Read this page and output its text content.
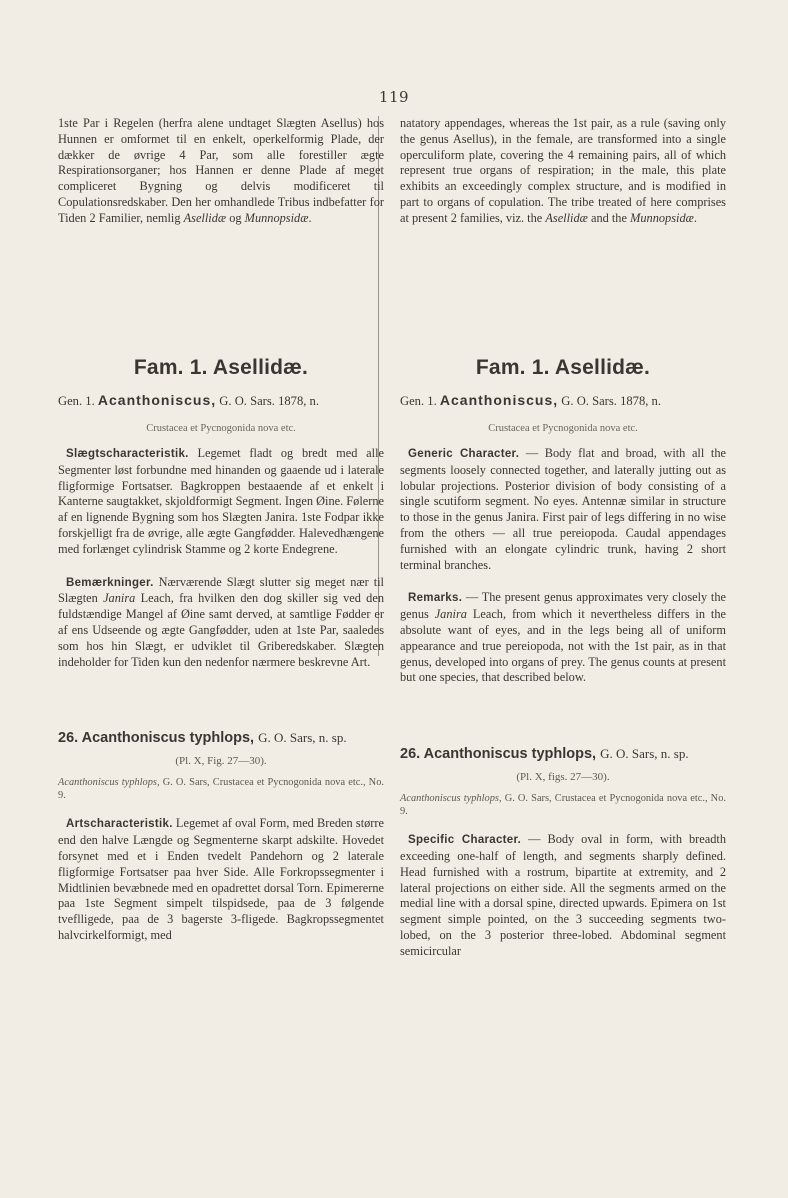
119

1ste Par i Regelen (herfra alene undtaget Slægten Asellus) hos Hunnen er omformet til en enkelt, operkelformig Plade, der dækker de øvrige 4 Par, som alle forestiller ægte Respirationsorganer; hos Hannen er denne Plade af meget compliceret Bygning og delvis modificeret til Copulationsredskaber. Den her omhandlede Tribus indbefatter for Tiden 2 Familier, nemlig Asellidæ og Munnopsidæ.

Fam. 1. Asellidæ.
Gen. 1. Acanthoniscus, G. O. Sars. 1878, n.
Crustacea et Pycnogonida nova etc.

Slægtscharacteristik. Legemet fladt og bredt med alle Segmenter løst forbundne med hinanden og gaaende ud i laterale fligformige Fortsatser. Bagkroppen bestaaende af et enkelt i Kanterne saugtakket, skjoldformigt Segment. Ingen Øine. Følerne af en lignende Bygning som hos Slægten Janira. 1ste Fodpar ikke forskjelligt fra de øvrige, alle ægte Gangfødder. Halevedhængene med forlænget cylindrisk Stamme og 2 korte Endegrene.

Bemærkninger. Nærværende Slægt slutter sig meget nær til Slægten Janira Leach, fra hvilken den dog skiller sig ved den fuldstændige Mangel af Øine samt derved, at samtlige Fødder er af ens Udseende og ægte Gangfødder, uden at 1ste Par, saaledes som hos hin Slægt, er udviklet til Griberedskaber. Slægten indeholder for Tiden kun den nedenfor nærmere beskrevne Art.

26. Acanthoniscus typhlops, G. O. Sars, n. sp.
(Pl. X, Fig. 27—30).

Acanthoniscus typhlops, G. O. Sars, Crustacea et Pycnogonida nova etc., No. 9.

Artscharacteristik. Legemet af oval Form, med Breden større end den halve Længde og Segmenterne skarpt adskilte. Hovedet forsynet med et i Enden tvedelt Pandehorn og 2 laterale fligformige Fortsatser paa hver Side. Alle Forkropssegmenter i Midtlinien bevæbnede med en opadrettet dorsal Torn. Epimererne paa 1ste Segment simpelt tilspidsede, paa de 3 følgende tveflligede, paa de 3 bagerste 3-fligede. Bagkropssegmentet halvcirkelformigt, med

natatory appendages, whereas the 1st pair, as a rule (saving only the genus Asellus), in the female, are transformed into a single operculiform plate, covering the 4 remaining pairs, all of which represent true organs of respiration; in the male, this plate exhibits an exceedingly complex structure, and is modified in part to organs of copulation. The tribe treated of here comprises at present 2 families, viz. the Asellidæ and the Munnopsidæ.

Fam. 1. Asellidæ.
Gen. 1. Acanthoniscus, G. O. Sars. 1878, n.
Crustacea et Pycnogonida nova etc.

Generic Character. — Body flat and broad, with all the segments loosely connected together, and laterally jutting out as lobular projections. Posterior division of body consisting of a single scutiform segment. No eyes. Antennæ similar in structure to those in the genus Janira. First pair of legs differing in no wise from the others — all true pereiopoda. Caudal appendages furnished with an elongate cylindric trunk, having 2 short terminal branches.

Remarks. — The present genus approximates very closely the genus Janira Leach, from which it nevertheless differs in the absolute want of eyes, and in the legs being all of uniform appearance and true pereiopoda, not with the 1st pair, as in that genus, developed into organs of prey. The genus counts at present but one species, that described below.

26. Acanthoniscus typhlops, G. O. Sars, n. sp.
(Pl. X, figs. 27—30).

Acanthoniscus typhlops, G. O. Sars, Crustacea et Pycnogonida nova etc., No. 9.

Specific Character. — Body oval in form, with breadth exceeding one-half of length, and segments sharply defined. Head furnished with a rostrum, bipartite at extremity, and 2 lateral projections on either side. All the segments armed on the medial line with a dorsal spine, directed upwards. Epimera on 1st segment simple pointed, on the 3 succeeding segments two-lobed, on the 3 posterior three-lobed. Abdominal segment semicircular
